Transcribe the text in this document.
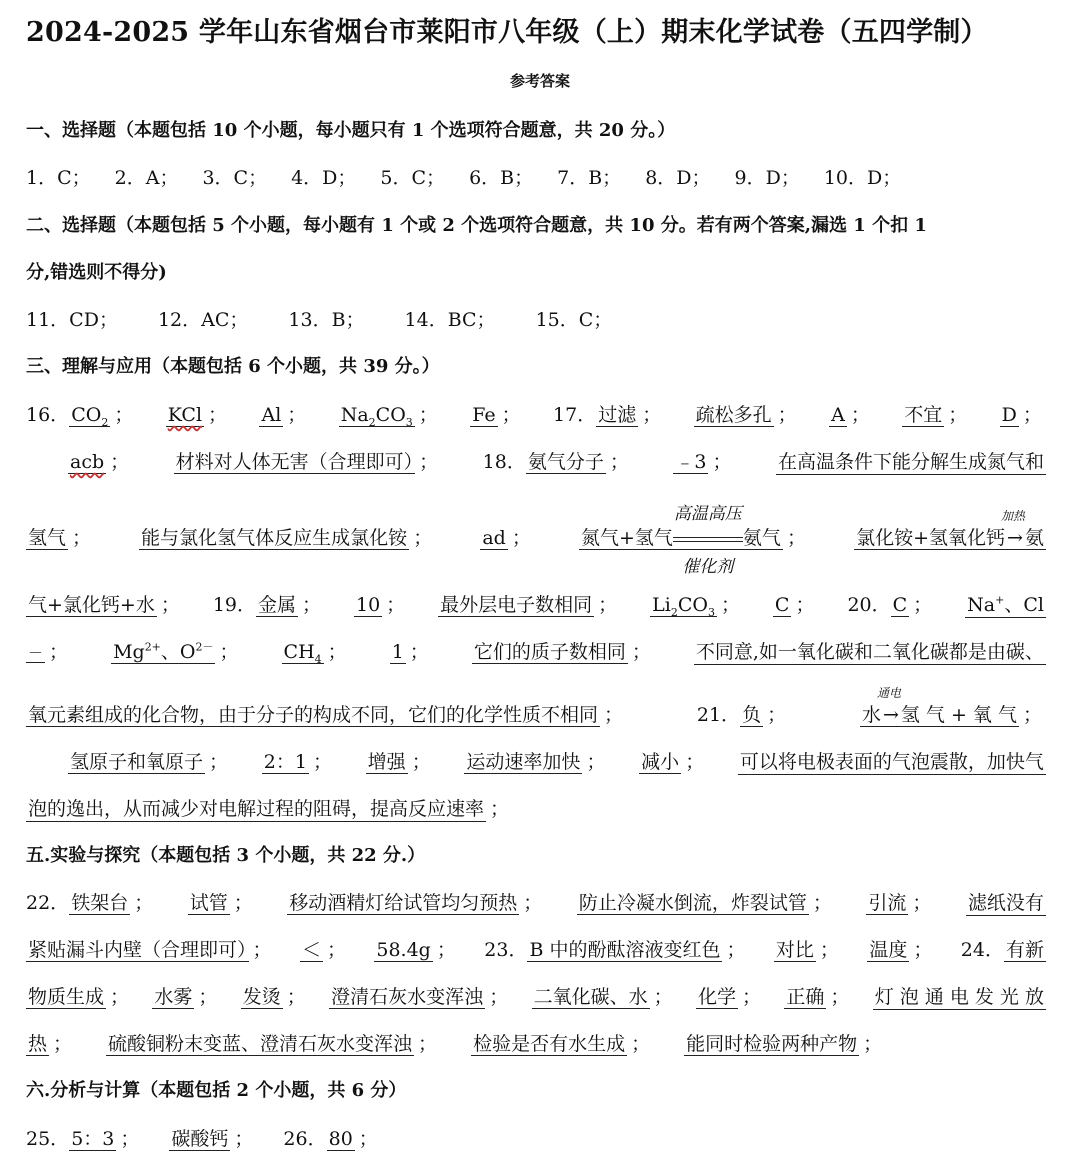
2024-2025 学年山东省烟台市莱阳市八年级（上）期末化学试卷（五四学制）
参考答案
一、选择题（本题包括 10 个小题，每小题只有 1 个选项符合题意，共 20 分。）
1．C； 2．A； 3．C； 4．D； 5．C； 6．B； 7．B； 8．D； 9．D； 10．D；
二、选择题（本题包括 5 个小题，每小题有 1 个或 2 个选项符合题意，共 10 分。若有两个答案,漏选 1 个扣 1
分,错选则不得分)
11．CD； 12．AC； 13．B； 14．BC； 15．C；
三、理解与应用（本题包括 6 个小题，共 39 分。）
16． $CO_2$ ； KCl ； Al ； $Na_2CO_3$ ； Fe ； 17． 过滤 ； 疏松多孔 ； A ； 不宜 ； D ；
acb ； 材料对人体无害（合理即可） ； 18． 氨气分子 ； ﹣3 ； 在高温条件下能分解生成氮气和
氢气 ；	能与氯化氢气体反应生成氯化铵 ；	ad ；	氮气+氢气
高温高压
催化剂
氨气 ；	氯化铵+氢氧化钙
加热
→ 氨
气+氯化钙+水 ； 19． 金属 ； 10 ； 最外层电子数相同 ； $Li_2CO_3$ ； C ； 20． C ； Na+、Cl
－ ； $Mg^{2+}$、$O^{2-}$ ； $CH_4$ ； 1 ； 它们的质子数相同 ； 不同意,如一氧化碳和二氧化碳都是由碳、
氧元素组成的化合物，由于分子的构成不同，它们的化学性质不相同 ；	21． 负 ；	水
通电
→ 氢 气 + 氧 气 ；
氢原子和氧原子 ； 2：1 ； 增强 ； 运动速率加快 ； 减小 ； 可以将电极表面的气泡震散，加快气
泡的逸出，从而减少对电解过程的阻碍，提高反应速率 ；
五.实验与探究（本题包括 3 个小题，共 22 分.）
22． 铁架台 ； 试管 ； 移动酒精灯给试管均匀预热 ； 防止冷凝水倒流，炸裂试管 ； 引流 ； 滤纸没有
紧贴漏斗内壁（合理即可） ； ＜ ； 58.4g ； 23． B 中的酚酞溶液变红色 ； 对比 ； 温度 ； 24． 有新
物质生成 ； 水雾 ； 发烫 ； 澄清石灰水变浑浊 ； 二氧化碳、水 ； 化学 ； 正确 ； 灯 泡 通 电 发 光 放
热 ； 硫酸铜粉末变蓝、澄清石灰水变浑浊 ； 检验是否有水生成 ； 能同时检验两种产物 ；
六.分析与计算（本题包括 2 个小题，共 6 分）
25． 5：3 ； 碳酸钙 ； 26． 80 ；
